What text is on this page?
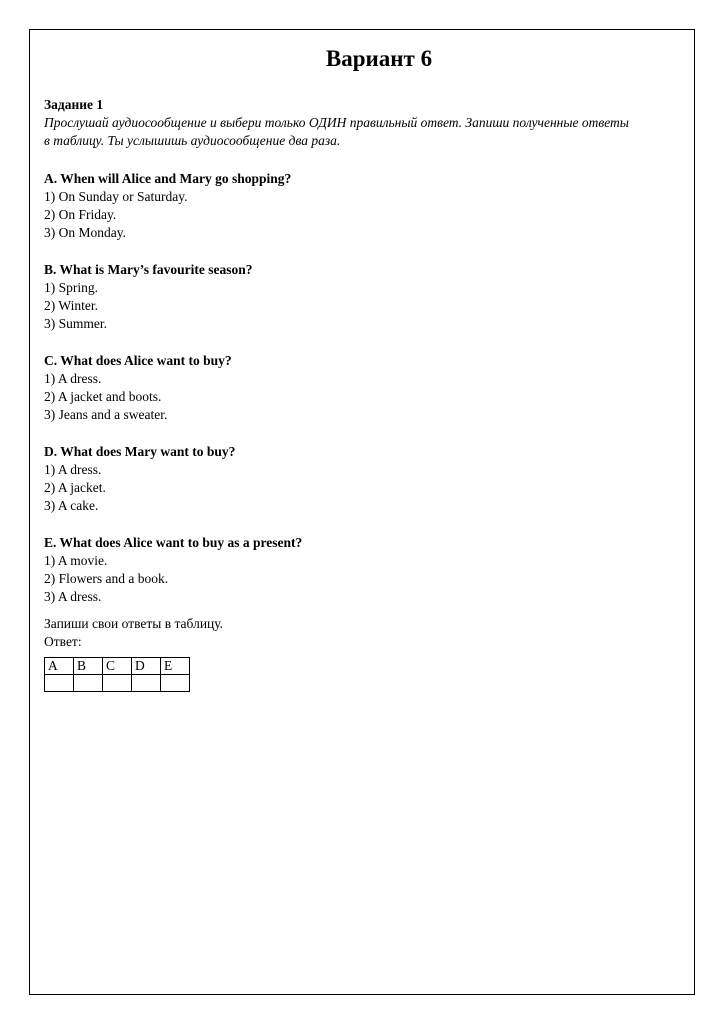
Вариант 6

Задание 1

Прослушай аудиосообщение и выбери только ОДИН правильный ответ. Запиши полученные ответы
в таблицу. Ты услышишь аудиосообщение два раза.

A. When will Alice and Mary go shopping?

1) On Sunday or Saturday.

2) On Friday.

3) On Monday.

B. What is Mary’s favourite season?

1) Spring.

2) Winter.

3) Summer.

C. What does Alice want to buy?

1) A dress.

2) A jacket and boots.

3) Jeans and a sweater.

D. What does Mary want to buy?

1) A dress.

2) A jacket.

3) A cake.

E. What does Alice want to buy as a present?

1) A movie.

2) Flowers and a book.

3) A dress.

Запиши свои ответы в таблицу.

Ответ:

A	B	C	D	E
